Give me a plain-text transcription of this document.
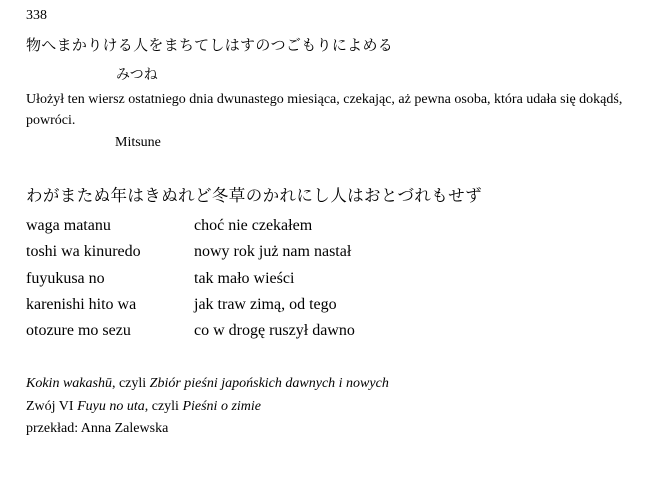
338
物へまかりける人をまちてしはすのつごもりによめる
みつね
Ułożył ten wiersz ostatniego dnia dwunastego miesiąca, czekając, aż pewna osoba, która udała się dokądś, powróci.
Mitsune
わがまたぬ年はきぬれど冬草のかれにし人はおとづれもせず
waga matanu	choć nie czekałem
toshi wa kinuredo	nowy rok już nam nastał
fuyukusa no	tak mało wieści
karenishi hito wa	jak traw zimą, od tego
otozure mo sezu	co w drogę ruszył dawno
Kokin wakashū, czyli Zbiór pieśni japońskich dawnych i nowych
Zwój VI Fuyu no uta, czyli Pieśni o zimie
przekład: Anna Zalewska
